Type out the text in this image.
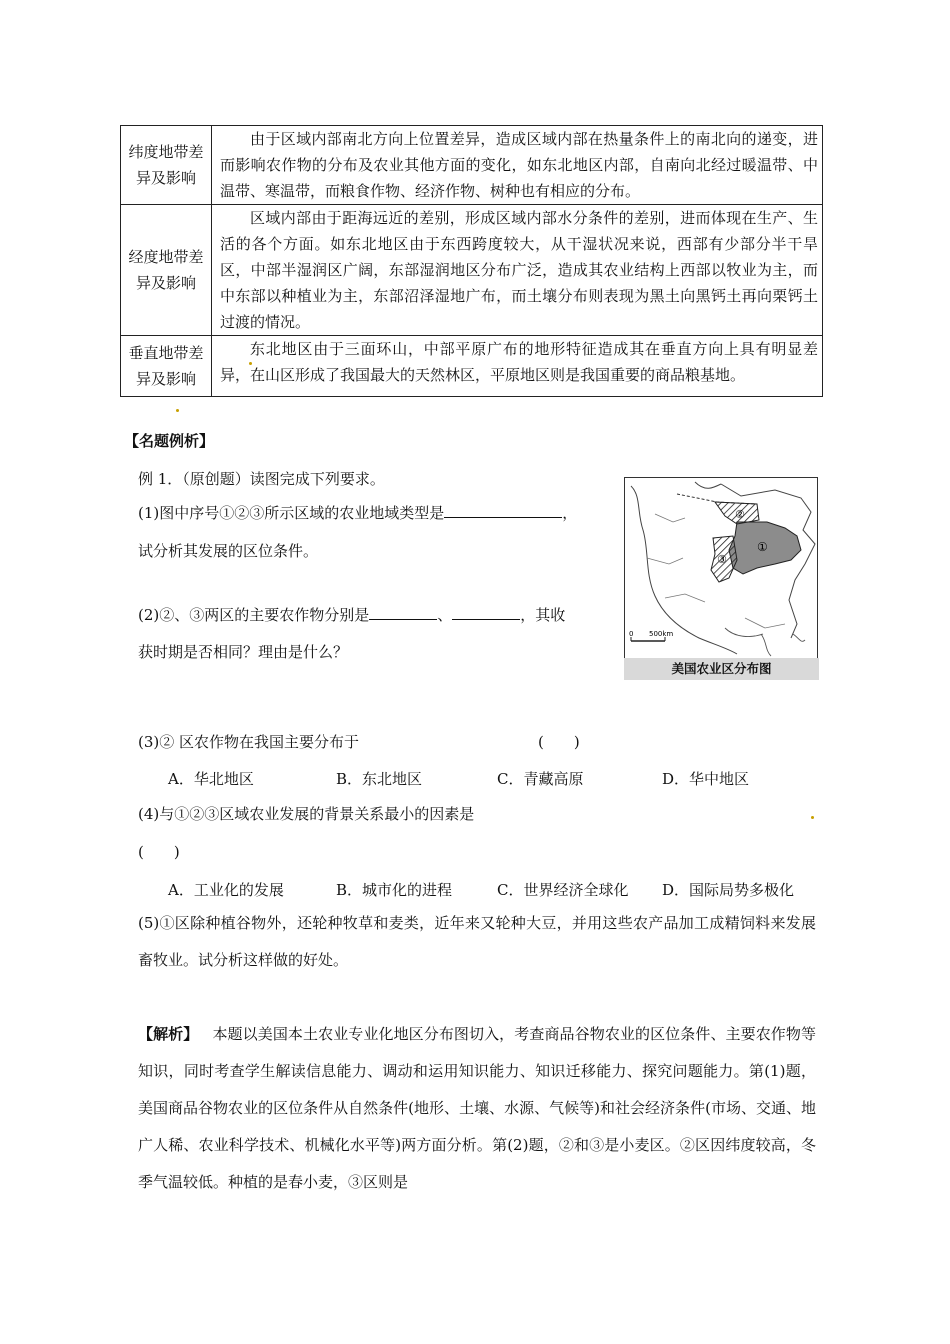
纬度地带差异及影响	由于区域内部南北方向上位置差异，造成区域内部在热量条件上的南北向的递变，进而影响农作物的分布及农业其他方面的变化，如东北地区内部，自南向北经过暖温带、中温带、寒温带，而粮食作物、经济作物、树种也有相应的分布。
经度地带差异及影响	区域内部由于距海远近的差别，形成区域内部水分条件的差别，进而体现在生产、生活的各个方面。如东北地区由于东西跨度较大，从干湿状况来说，西部有少部分半干旱区，中部半湿润区广阔，东部湿润地区分布广泛，造成其农业结构上西部以牧业为主，而中东部以种植业为主，东部沼泽湿地广布，而土壤分布则表现为黑土向黑钙土再向栗钙土过渡的情况。
垂直地带差异及影响	东北地区由于三面环山，中部平原广布的地形特征造成其在垂直方向上具有明显差异，在山区形成了我国最大的天然林区，平原地区则是我国重要的商品粮基地。
【名题例析】
例 1．（原创题）读图完成下列要求。
(1)图中序号①②③所示区域的农业地域类型是	，
试分析其发展的区位条件。
(2)②、③两区的主要农作物分别是	、	，其收
获时期是否相同？理由是什么？
(3)② 区农作物在我国主要分布于	(　　)
A．华北地区	B．东北地区	C．青藏高原	D．华中地区
(4)与①②③区域农业发展的背景关系最小的因素是
(　　)
A．工业化的发展	B．城市化的进程	C．世界经济全球化 D．国际局势多极化
(5)①区除种植谷物外，还轮种牧草和麦类，近年来又轮种大豆，并用这些农产品加工成精饲料来发展畜牧业。试分析这样做的好处。
【解析】 本题以美国本土农业专业化地区分布图切入，考查商品谷物农业的区位条件、主要农作物等知识，同时考查学生解读信息能力、调动和运用知识能力、知识迁移能力、探究问题能力。第(1)题，美国商品谷物农业的区位条件从自然条件(地形、土壤、水源、气候等)和社会经济条件(市场、交通、地广人稀、农业科学技术、机械化水平等)两方面分析。第(2)题，②和③是小麦区。②区因纬度较高，冬季气温较低。种植的是春小麦，③区则是
0 500km
①
②
③
美国农业区分布图
